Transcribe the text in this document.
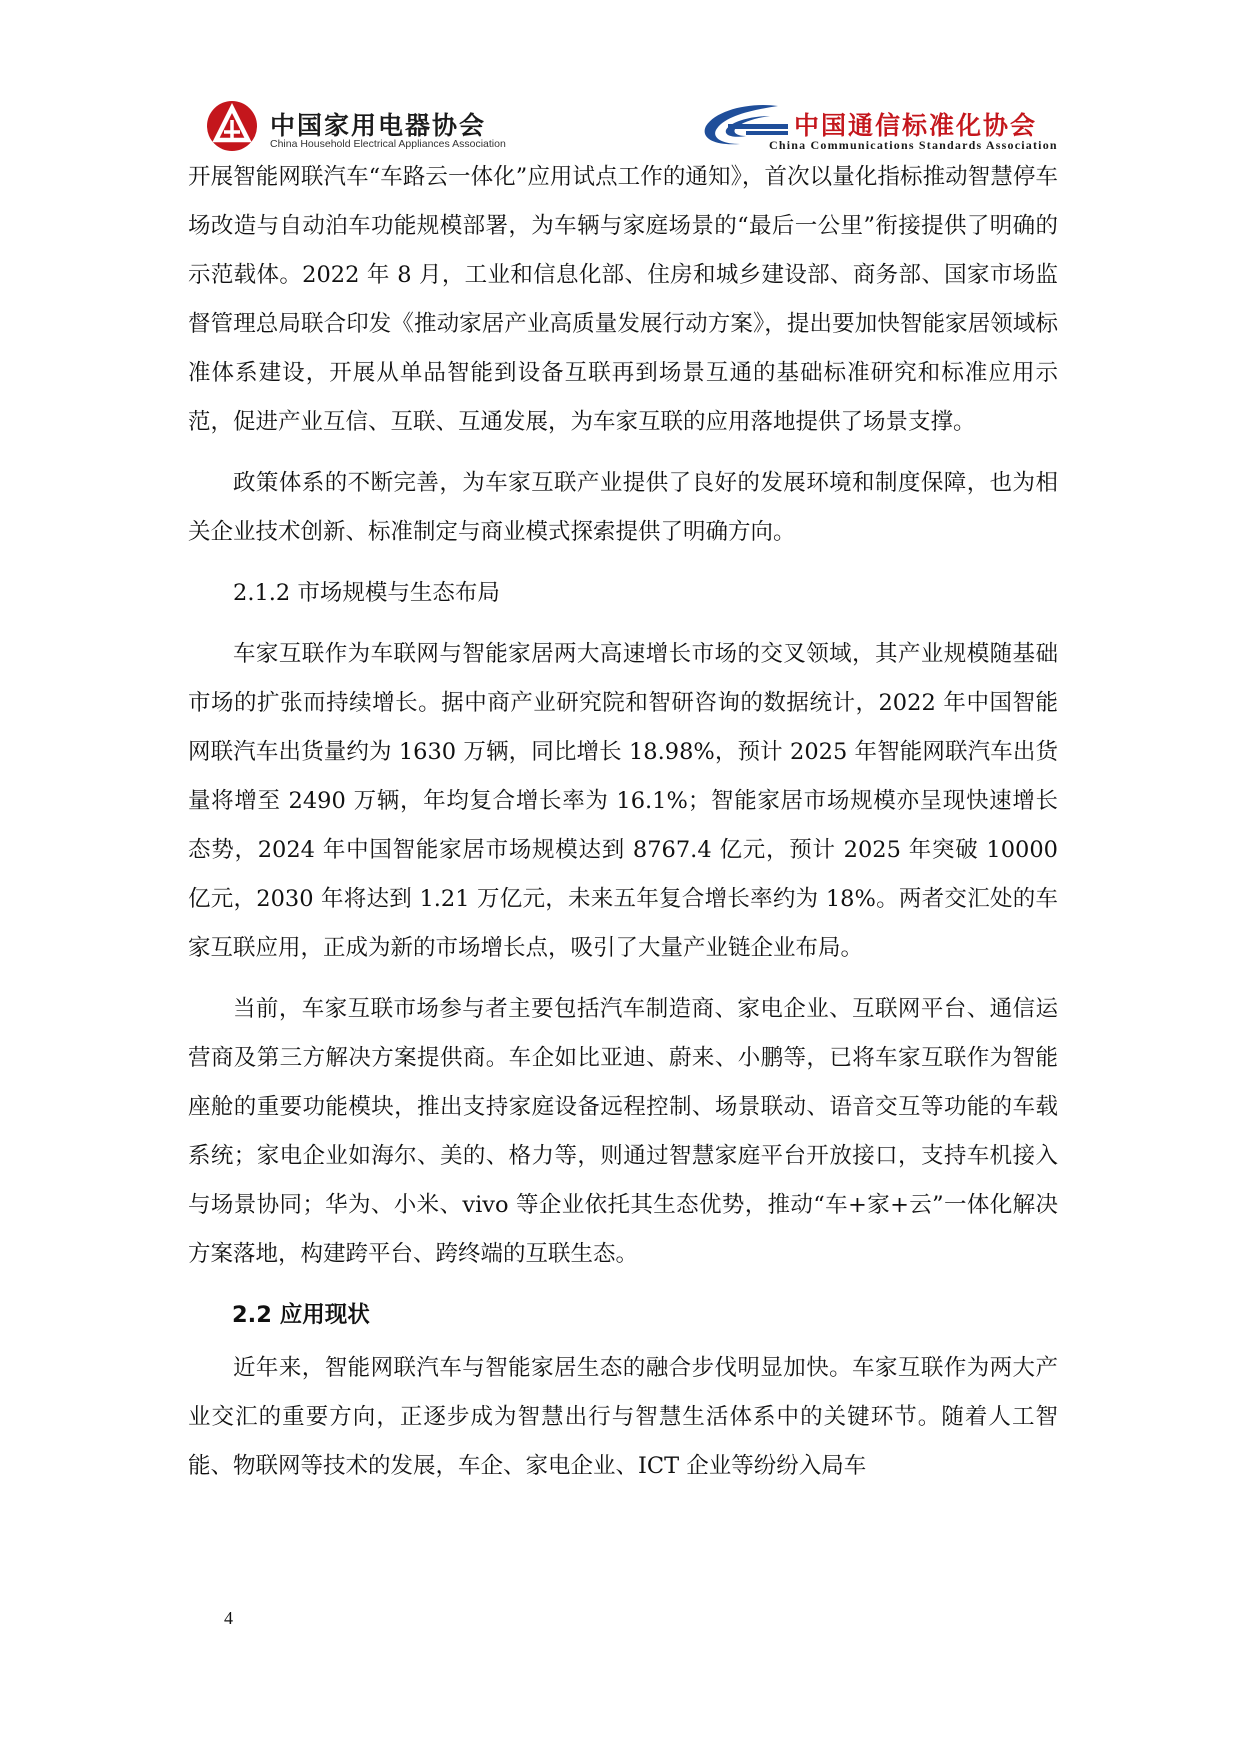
中国家用电器协会
China Household Electrical Appliances Association
中国通信标准化协会
China Communications Standards Association

开展智能网联汽车“车路云一体化”应用试点工作的通知》，首次以量化指标推动智慧停车场改造与自动泊车功能规模部署，为车辆与家庭场景的“最后一公里”衔接提供了明确的示范载体。2022 年 8 月，工业和信息化部、住房和城乡建设部、商务部、国家市场监督管理总局联合印发《推动家居产业高质量发展行动方案》，提出要加快智能家居领域标准体系建设，开展从单品智能到设备互联再到场景互通的基础标准研究和标准应用示范，促进产业互信、互联、互通发展，为车家互联的应用落地提供了场景支撑。

政策体系的不断完善，为车家互联产业提供了良好的发展环境和制度保障，也为相关企业技术创新、标准制定与商业模式探索提供了明确方向。

2.1.2 市场规模与生态布局

车家互联作为车联网与智能家居两大高速增长市场的交叉领域，其产业规模随基础市场的扩张而持续增长。据中商产业研究院和智研咨询的数据统计，2022 年中国智能网联汽车出货量约为 1630 万辆，同比增长 18.98%，预计 2025 年智能网联汽车出货量将增至 2490 万辆，年均复合增长率为 16.1%；智能家居市场规模亦呈现快速增长态势，2024 年中国智能家居市场规模达到 8767.4 亿元，预计 2025 年突破 10000 亿元，2030 年将达到 1.21 万亿元，未来五年复合增长率约为 18%。两者交汇处的车家互联应用，正成为新的市场增长点，吸引了大量产业链企业布局。

当前，车家互联市场参与者主要包括汽车制造商、家电企业、互联网平台、通信运营商及第三方解决方案提供商。车企如比亚迪、蔚来、小鹏等，已将车家互联作为智能座舱的重要功能模块，推出支持家庭设备远程控制、场景联动、语音交互等功能的车载系统；家电企业如海尔、美的、格力等，则通过智慧家庭平台开放接口，支持车机接入与场景协同；华为、小米、vivo 等企业依托其生态优势，推动“车+家+云”一体化解决方案落地，构建跨平台、跨终端的互联生态。

2.2 应用现状

近年来，智能网联汽车与智能家居生态的融合步伐明显加快。车家互联作为两大产业交汇的重要方向，正逐步成为智慧出行与智慧生活体系中的关键环节。随着人工智能、物联网等技术的发展，车企、家电企业、ICT 企业等纷纷入局车

4
